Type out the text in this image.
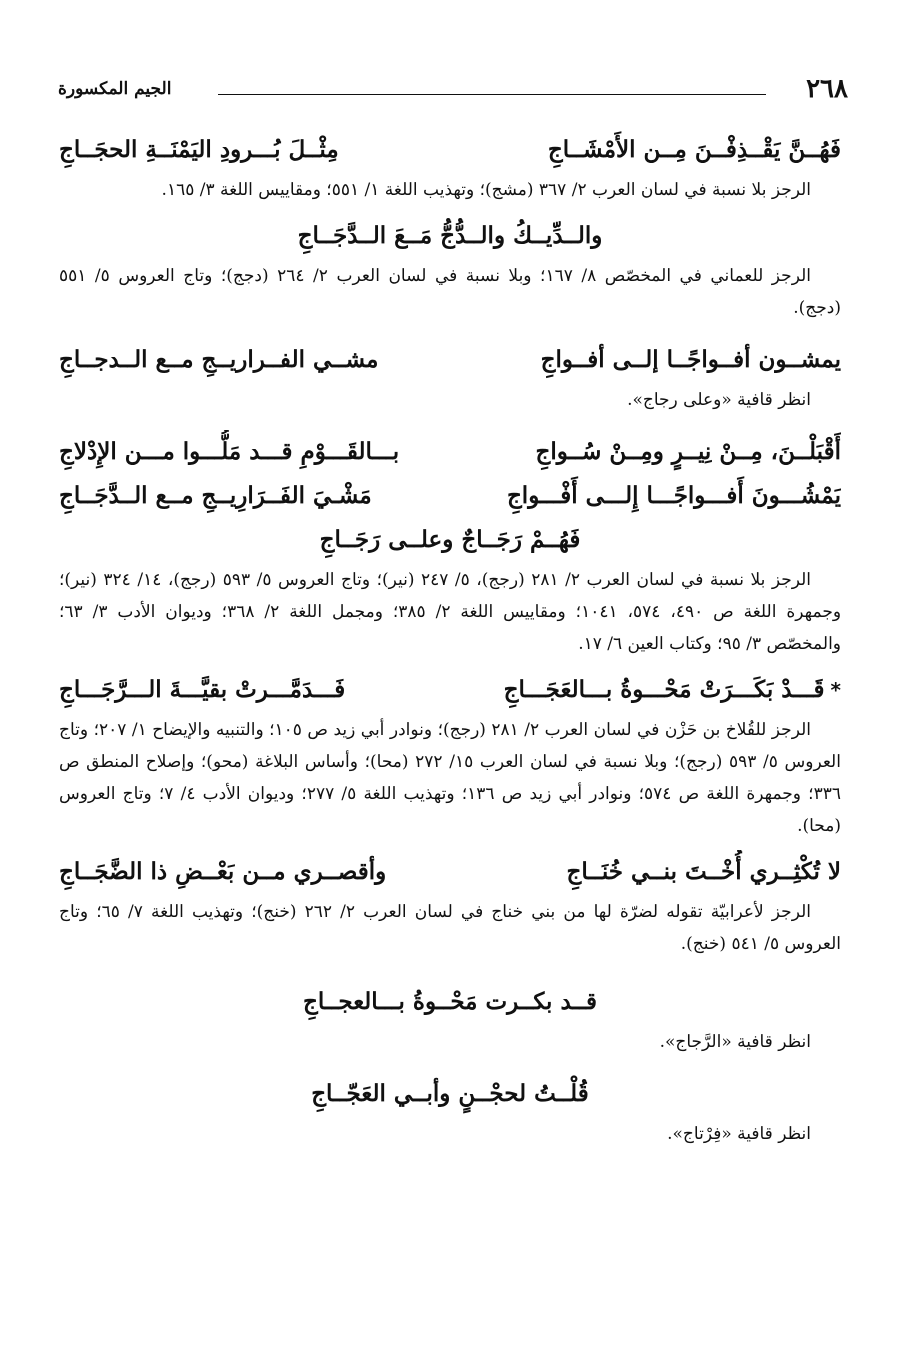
٢٦٨
الجيم المكسورة
فَهُــنَّ يَقْــذِفْــنَ مِــن الأَمْشَــاجِ
مِثْــلَ بُـــرودِ اليَمْنَــةِ الحجَــاجِ

الرجز بلا نسبة في لسان العرب ٢/ ٣٦٧ (مشج)؛ وتهذيب اللغة ١/ ٥٥١؛ ومقاييس اللغة ٣/ ١٦٥.

والــدِّيــكُ والــدُّجُّ مَــعَ الــدَّجَــاجِ

الرجز للعماني في المخصّص ٨/ ١٦٧؛ وبلا نسبة في لسان العرب ٢/ ٢٦٤ (دجج)؛ وتاج العروس ٥/ ٥٥١ (دجج).

يمشــون أفــواجًــا إلــى أفــواجِ
مشــي الفــراريــجِ مــع الــدجــاجِ

انظر قافية «وعلى رجاج».

أَقْبَلْــنَ، مِــنْ نِيــرٍ ومِــنْ سُــواجِ
بـــالقَـــوْمِ قـــد مَلُّـــوا مـــن الإِدْلاجِ
يَمْشُـــونَ أَفـــواجًـــا إِلـــى أَفْـــواجِ
مَشْـيَ الفَــرَارِيــجِ مــع الــدَّجَــاجِ
فَهُــمْ رَجَــاجٌ وعلــى رَجَــاجِ

الرجز بلا نسبة في لسان العرب ٢/ ٢٨١ (رجج)، ٥/ ٢٤٧ (نير)؛ وتاج العروس ٥/ ٥٩٣ (رجج)، ١٤/ ٣٢٤ (نير)؛ وجمهرة اللغة ص ٤٩٠، ٥٧٤، ١٠٤١؛ ومقاييس اللغة ٢/ ٣٨٥؛ ومجمل اللغة ٢/ ٣٦٨؛ وديوان الأدب ٣/ ٦٣؛ والمخصّص ٣/ ٩٥؛ وكتاب العين ٦/ ١٧.

*قَـــدْ بَكَـــرَتْ مَحْـــوةُ بـــالعَجَـــاجِ
فَـــدَمَّـــرتْ بقيَّـــةَ الـــرَّجَـــاجِ

الرجز للقُلاخ بن حَزْن في لسان العرب ٢/ ٢٨١ (رجج)؛ ونوادر أبي زيد ص ١٠٥؛ والتنبيه والإيضاح ١/ ٢٠٧؛ وتاج العروس ٥/ ٥٩٣ (رجج)؛ وبلا نسبة في لسان العرب ١٥/ ٢٧٢ (محا)؛ وأساس البلاغة (محو)؛ وإصلاح المنطق ص ٣٣٦؛ وجمهرة اللغة ص ٥٧٤؛ ونوادر أبي زيد ص ١٣٦؛ وتهذيب اللغة ٥/ ٢٧٧؛ وديوان الأدب ٤/ ٧؛ وتاج العروس (محا).

لا تُكْثِــري أُخْــتَ بنــي خُنَــاجِ
وأقصــري مــن بَعْــضِ ذا الضَّجَــاجِ

الرجز لأعرابيّة تقوله لضرّة لها من بني خناج في لسان العرب ٢/ ٢٦٢ (خنج)؛ وتهذيب اللغة ٧/ ٦٥؛ وتاج العروس ٥/ ٥٤١ (خنج).

قــد بكــرت مَحْــوةُ بـــالعجــاجِ

انظر قافية «الرَّجاج».

قُلْــتُ لحجْــنٍ وأبــي العَجّــاجِ

انظر قافية «فِرْتاج».
